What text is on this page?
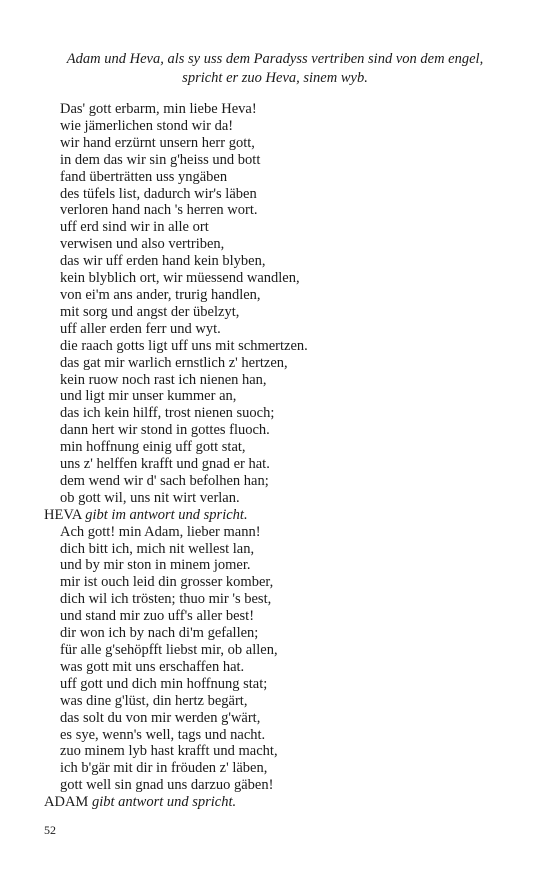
Adam und Heva, als sy uss dem Paradyss vertriben sind von dem engel,
spricht er zuo Heva, sinem wyb.
Das' gott erbarm, min liebe Heva!
wie jämerlichen stond wir da!
wir hand erzürnt unsern herr gott,
in dem das wir sin g'heiss und bott
fand überträtten uss yngäben
des tüfels list, dadurch wir's läben
verloren hand nach 's herren wort.
uff erd sind wir in alle ort
verwisen und also vertriben,
das wir uff erden hand kein blyben,
kein blyblich ort, wir müessend wandlen,
von ei'm ans ander, trurig handlen,
mit sorg und angst der übelzyt,
uff aller erden ferr und wyt.
die raach gotts ligt uff uns mit schmertzen.
das gat mir warlich ernstlich z' hertzen,
kein ruow noch rast ich nienen han,
und ligt mir unser kummer an,
das ich kein hilff, trost nienen suoch;
dann hert wir stond in gottes fluoch.
min hoffnung einig uff gott stat,
uns z' helffen krafft und gnad er hat.
dem wend wir d' sach befolhen han;
ob gott wil, uns nit wirt verlan.
HEVA gibt im antwort und spricht.
Ach gott! min Adam, lieber mann!
dich bitt ich, mich nit wellest lan,
und by mir ston in minem jomer.
mir ist ouch leid din grosser komber,
dich wil ich trösten; thuo mir 's best,
und stand mir zuo uff's aller best!
dir won ich by nach di'm gefallen;
für alle g'sehöpfft liebst mir, ob allen,
was gott mit uns erschaffen hat.
uff gott und dich min hoffnung stat;
was dine g'lüst, din hertz begärt,
das solt du von mir werden g'wärt,
es sye, wenn's well, tags und nacht.
zuo minem lyb hast krafft und macht,
ich b'gär mit dir in fröuden z' läben,
gott well sin gnad uns darzuo gäben!
ADAM gibt antwort und spricht.
52
